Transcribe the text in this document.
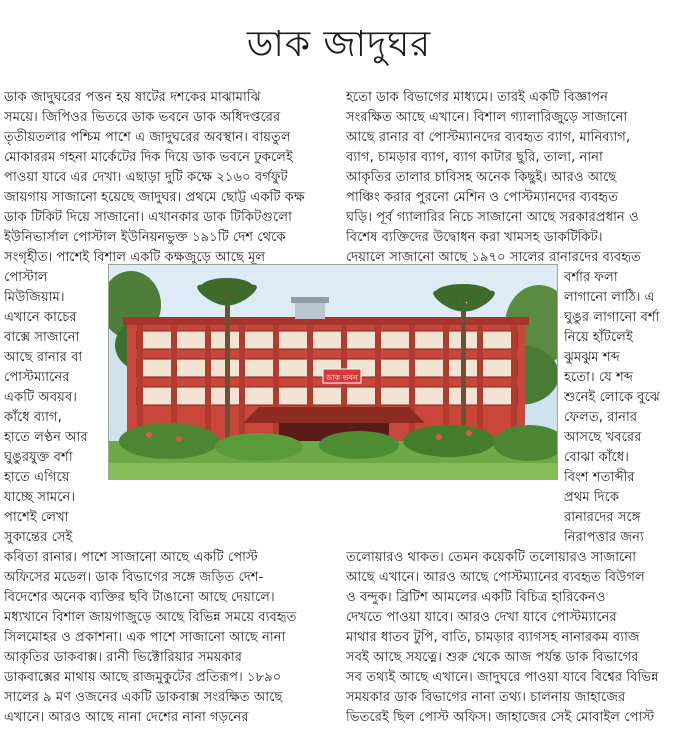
ডাক জাদুঘর
ডাক জাদুঘরের পত্তন হয় ষাটের দশকের মাঝামাঝি
সময়ে। জিপিওর ভিতরে ডাক ভবনে ডাক অধিদপ্তরের
তৃতীয়তলার পশ্চিম পাশে এ জাদুঘরের অবস্থান। বায়তুল
মোকাররম গহনা মার্কেটের দিক দিয়ে ডাক ভবনে ঢুকলেই
পাওয়া যাবে এর দেখা। এছাড়া দুটি কক্ষে ২১৬০ বর্গফুট
জায়গায় সাজানো হয়েছে জাদুঘর। প্রথমে ছোট্ট একটি কক্ষ
ডাক টিকিট দিয়ে সাজানো। এখানকার ডাক টিকিটগুলো
ইউনিভার্সাল পোস্টাল ইউনিয়নভুক্ত ১৯১টি দেশ থেকে
সংগৃহীত। পাশেই বিশাল একটি কক্ষজুড়ে আছে মূল
পোস্টাল
মিউজিয়াম।
এখানে কাচের
বাক্সে সাজানো
আছে রানার বা
পোস্টম্যানের
একটি অবয়ব।
কাঁধে ব্যাগ,
হাতে লণ্ঠন আর
ঘুঙুরযুক্ত বর্শা
হাতে এগিয়ে
যাচ্ছে সামনে।
পাশেই লেখা
সুকান্তের সেই
কবিতা রানার। পাশে সাজানো আছে একটি পোস্ট
অফিসের মডেল। ডাক বিভাগের সঙ্গে জড়িত দেশ-
বিদেশের অনেক ব্যক্তির ছবি টাঙানো আছে দেয়ালে।
মধ্যখানে বিশাল জায়গাজুড়ে আছে বিভিন্ন সময়ে ব্যবহৃত
সিলমোহর ও প্রকাশনা। এক পাশে সাজানো আছে নানা
আকৃতির ডাকবাক্স। রানী ভিক্টোরিয়ার সময়কার
ডাকবাক্সের মাথায় আছে রাজমুকুটের প্রতিরূপ। ১৮৯০
সালের ৯ মণ ওজনের একটি ডাকবাক্স সংরক্ষিত আছে
এখানে। আরও আছে নানা দেশের নানা গড়নের
হতো ডাক বিভাগের মাধ্যমে। তারই একটি বিজ্ঞাপন
সংরক্ষিত আছে এখানে। বিশাল গ্যালারিজুড়ে সাজানো
আছে রানার বা পোস্টম্যানদের ব্যবহৃত ব্যাগ, মানিব্যাগ,
ব্যাগ, চামড়ার ব্যাগ, ব্যাগ কাটার ছুরি, তালা, নানা
আকৃতির তালার চাবিসহ অনেক কিছুই। আরও আছে
পাঞ্চিং করার পুরনো মেশিন ও পোস্টম্যানদের ব্যবহৃত
ঘড়ি। পূর্ব গ্যালারির নিচে সাজানো আছে সরকারপ্রধান ও
বিশেষ ব্যক্তিদের উদ্বোধন করা খামসহ ডাকটিকিট।
দেয়ালে সাজানো আছে ১৯৭০ সালের রানারদের ব্যবহৃত
বর্শার ফলা
লাগানো লাঠি। এ
ঘুঙুর লাগানো বর্শা
নিয়ে হাঁটলেই
ঝুমঝুম শব্দ
হতো। যে শব্দ
শুনেই লোকে বুঝে
ফেলত, রানার
আসছে খবরের
বোঝা কাঁধে।
বিংশ শতাব্দীর
প্রথম দিকে
রানারদের সঙ্গে
নিরাপত্তার জন্য
তলোয়ারও থাকত। তেমন কয়েকটি তলোয়ারও সাজানো
আছে এখানে। আরও আছে পোস্টম্যানের ব্যবহৃত বিউগল
ও বন্দুক। ব্রিটিশ আমলের একটি বিচিত্র হারিকেনও
দেখতে পাওয়া যাবে। আরও দেখা যাবে পোস্টম্যানের
মাথার ধাতব টুপি, বাতি, চামড়ার ব্যাগসহ নানারকম ব্যাজ
সবই আছে সযত্নে। শুরু থেকে আজ পর্যন্ত ডাক বিভাগের
সব তথ্যই আছে এখানে। জাদুঘরে পাওয়া যাবে বিশ্বের বিভিন্ন
সময়কার ডাক বিভাগের নানা তথ্য। চালনায় জাহাজের
ভিতরেই ছিল পোস্ট অফিস। জাহাজের সেই মোবাইল পোস্ট
ডাক ভবন
